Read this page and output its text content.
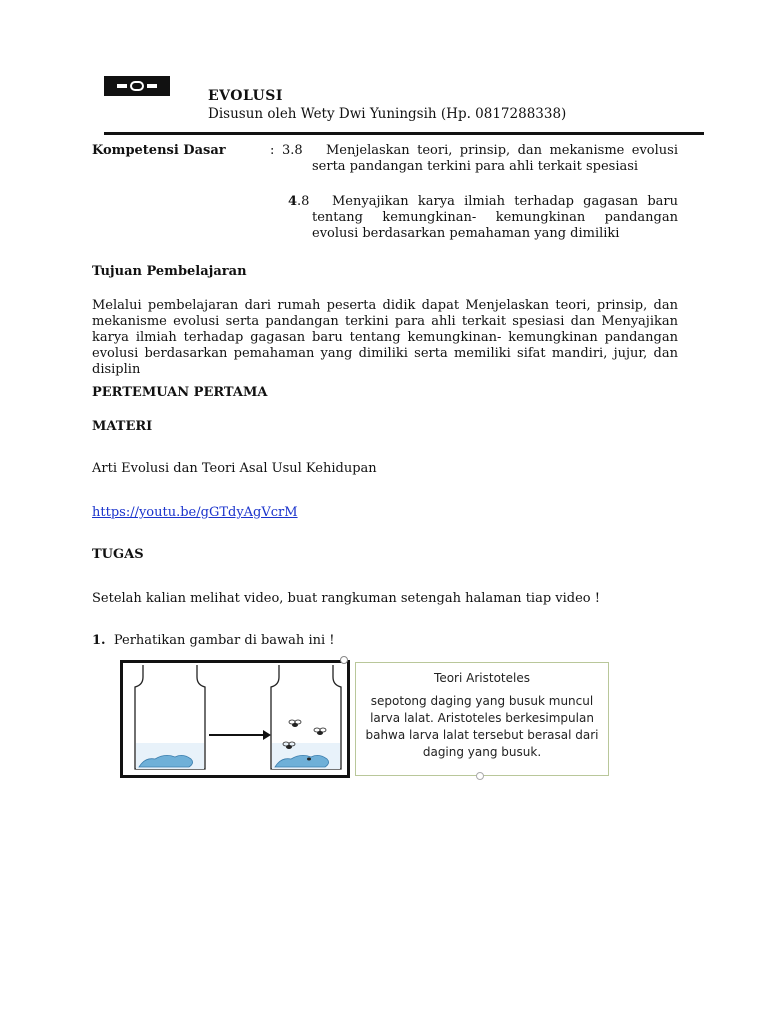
EVOLUSI
Disusun oleh Wety Dwi Yuningsih (Hp. 0817288338)
Kompetensi Dasar	: 3.8	Menjelaskan teori, prinsip, dan mekanisme evolusi serta pandangan terkini para ahli terkait spesiasi
4.8	Menyajikan karya ilmiah terhadap gagasan baru tentang kemungkinan- kemungkinan pandangan evolusi berdasarkan pemahaman yang dimiliki
Tujuan Pembelajaran
Melalui pembelajaran dari rumah peserta didik dapat Menjelaskan teori, prinsip, dan mekanisme evolusi serta pandangan terkini para ahli terkait spesiasi dan Menyajikan karya ilmiah terhadap gagasan baru tentang kemungkinan- kemungkinan pandangan evolusi berdasarkan pemahaman yang dimiliki serta memiliki sifat mandiri, jujur, dan disiplin
PERTEMUAN PERTAMA
MATERI
Arti Evolusi dan Teori Asal Usul Kehidupan
https://youtu.be/gGTdyAgVcrM
TUGAS
Setelah kalian melihat video, buat rangkuman setengah halaman tiap video !
1. Perhatikan gambar di bawah ini !
Teori Aristoteles
sepotong daging yang busuk muncul larva lalat. Aristoteles berkesimpulan bahwa larva lalat tersebut berasal dari daging yang busuk.
